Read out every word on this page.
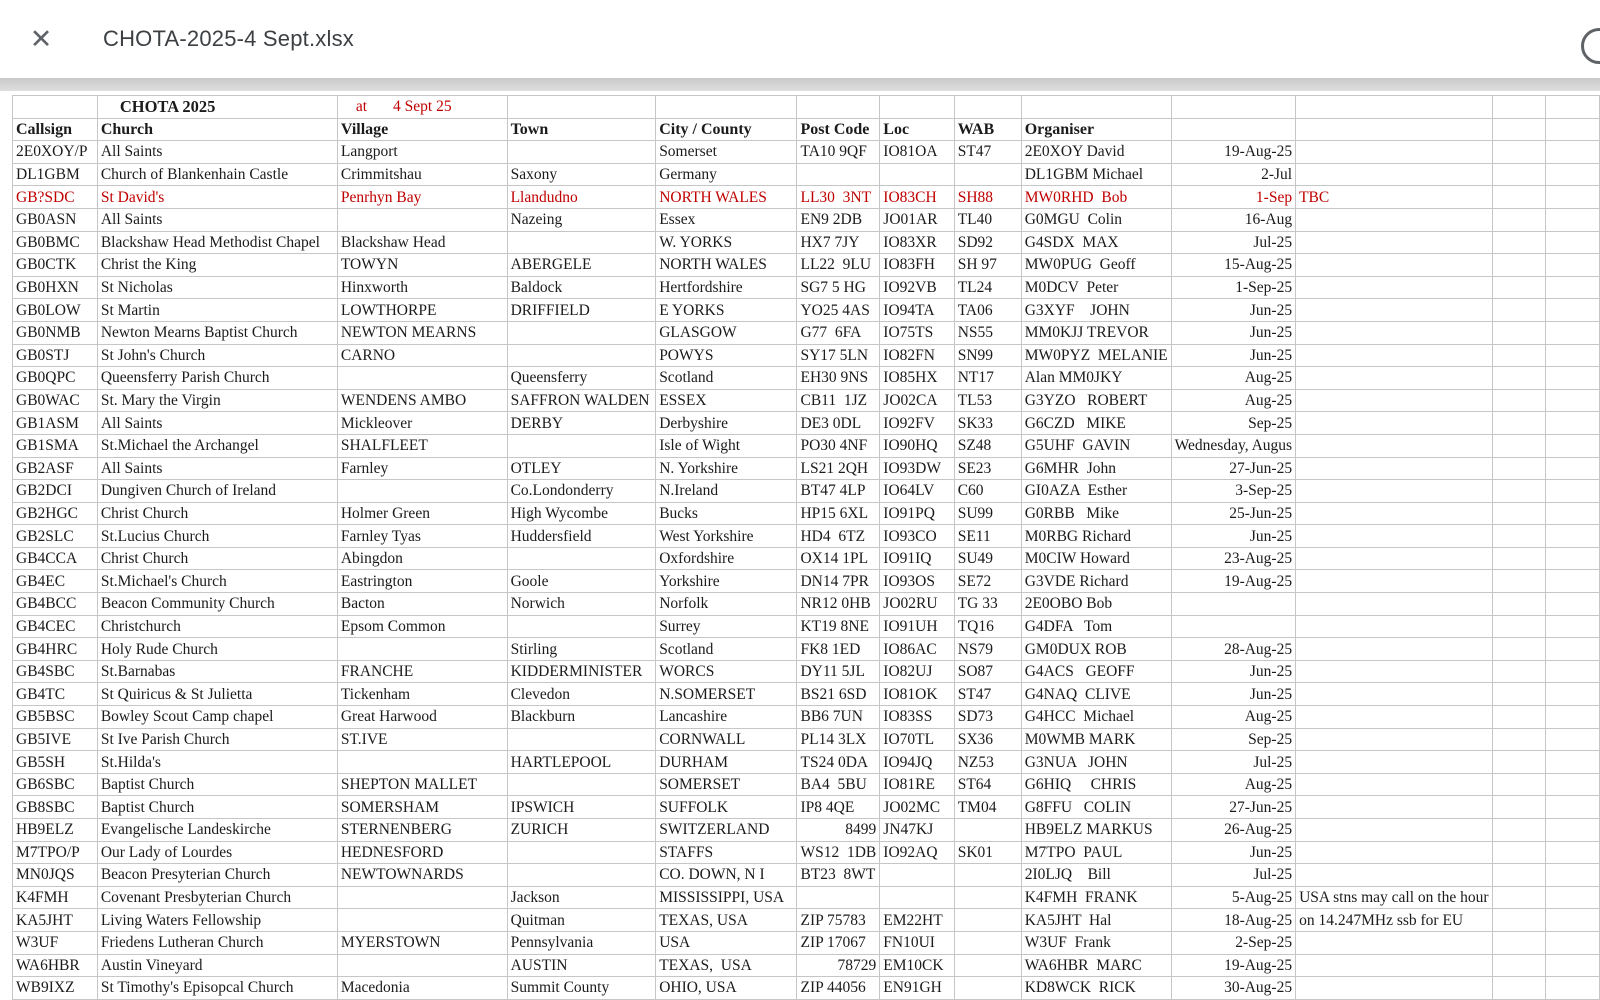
✕ CHOTA-2025-4 Sept.xlsx
	CHOTA 2025	at 4 Sept 25										
Callsign	Church	Village	Town	City / County	Post Code	Loc	WAB	Organiser				
2E0XOY/P	All Saints	Langport		Somerset	TA10 9QF	IO81OA	ST47	2E0XOY David	19-Aug-25			
DL1GBM	Church of Blankenhain Castle	Crimmitshau	Saxony	Germany				DL1GBM Michael	2-Jul			
GB?SDC	St David's	Penrhyn Bay	Llandudno	NORTH WALES	LL30  3NT	IO83CH	SH88	MW0RHD  Bob	1-Sep	TBC		
GB0ASN	All Saints		Nazeing	Essex	EN9 2DB	JO01AR	TL40	G0MGU  Colin	16-Aug			
GB0BMC	Blackshaw Head Methodist Chapel	Blackshaw Head		W. YORKS	HX7 7JY	IO83XR	SD92	G4SDX  MAX	Jul-25			
GB0CTK	Christ the King	TOWYN	ABERGELE	NORTH WALES	LL22  9LU	IO83FH	SH 97	MW0PUG  Geoff	15-Aug-25			
GB0HXN	St Nicholas	Hinxworth	Baldock	Hertfordshire	SG7 5 HG	IO92VB	TL24	M0DCV  Peter	1-Sep-25			
GB0LOW	St Martin	LOWTHORPE	DRIFFIELD	E YORKS	YO25 4AS	IO94TA	TA06	G3XYF    JOHN	Jun-25			
GB0NMB	Newton Mearns Baptist Church	NEWTON MEARNS		GLASGOW	G77  6FA	IO75TS	NS55	MM0KJJ TREVOR	Jun-25			
GB0STJ	St John's Church	CARNO		POWYS	SY17 5LN	IO82FN	SN99	MW0PYZ  MELANIE	Jun-25			
GB0QPC	Queensferry Parish Church		Queensferry	Scotland	EH30 9NS	IO85HX	NT17	Alan MM0JKY	Aug-25			
GB0WAC	St. Mary the Virgin	WENDENS AMBO	SAFFRON WALDEN	ESSEX	CB11  1JZ	JO02CA	TL53	G3YZO   ROBERT	Aug-25			
GB1ASM	All Saints	Mickleover	DERBY	Derbyshire	DE3 0DL	IO92FV	SK33	G6CZD   MIKE	Sep-25			
GB1SMA	St.Michael the Archangel	SHALFLEET		Isle of Wight	PO30 4NF	IO90HQ	SZ48	G5UHF  GAVIN	Wednesday, Augus			
GB2ASF	All Saints	Farnley	OTLEY	N. Yorkshire	LS21 2QH	IO93DW	SE23	G6MHR  John	27-Jun-25			
GB2DCI	Dungiven Church of Ireland		Co.Londonderry	N.Ireland	BT47 4LP	IO64LV	C60	GI0AZA  Esther	3-Sep-25			
GB2HGC	Christ Church	Holmer Green	High Wycombe	Bucks	HP15 6XL	IO91PQ	SU99	G0RBB   Mike	25-Jun-25			
GB2SLC	St.Lucius Church	Farnley Tyas	Huddersfield	West Yorkshire	HD4  6TZ	IO93CO	SE11	M0RBG Richard	Jun-25			
GB4CCA	Christ Church	Abingdon		Oxfordshire	OX14 1PL	IO91IQ	SU49	M0CIW Howard	23-Aug-25			
GB4EC	St.Michael's Church	Eastrington	Goole	Yorkshire	DN14 7PR	IO93OS	SE72	G3VDE Richard	19-Aug-25			
GB4BCC	Beacon Community Church	Bacton	Norwich	Norfolk	NR12 0HB	JO02RU	TG 33	2E0OBO Bob				
GB4CEC	Christchurch	Epsom Common		Surrey	KT19 8NE	IO91UH	TQ16	G4DFA   Tom				
GB4HRC	Holy Rude Church		Stirling	Scotland	FK8 1ED	IO86AC	NS79	GM0DUX ROB	28-Aug-25			
GB4SBC	St.Barnabas	FRANCHE	KIDDERMINISTER	WORCS	DY11 5JL	IO82UJ	SO87	G4ACS   GEOFF	Jun-25			
GB4TC	St Quiricus & St Julietta	Tickenham	Clevedon	N.SOMERSET	BS21 6SD	IO81OK	ST47	G4NAQ  CLIVE	Jun-25			
GB5BSC	Bowley Scout Camp chapel	Great Harwood	Blackburn	Lancashire	BB6 7UN	IO83SS	SD73	G4HCC  Michael	Aug-25			
GB5IVE	St Ive Parish Church	ST.IVE		CORNWALL	PL14 3LX	IO70TL	SX36	M0WMB MARK	Sep-25			
GB5SH	St.Hilda's		HARTLEPOOL	DURHAM	TS24 0DA	IO94JQ	NZ53	G3NUA   JOHN	Jul-25			
GB6SBC	Baptist Church	SHEPTON MALLET		SOMERSET	BA4  5BU	IO81RE	ST64	G6HIQ     CHRIS	Aug-25			
GB8SBC	Baptist Church	SOMERSHAM	IPSWICH	SUFFOLK	IP8 4QE	JO02MC	TM04	G8FFU   COLIN	27-Jun-25			
HB9ELZ	Evangelische Landeskirche	STERNENBERG	ZURICH	SWITZERLAND	8499	JN47KJ		HB9ELZ MARKUS	26-Aug-25			
M7TPO/P	Our Lady of Lourdes	HEDNESFORD		STAFFS	WS12  1DB	IO92AQ	SK01	M7TPO  PAUL	Jun-25			
MN0JQS	Beacon Presyterian Church	NEWTOWNARDS		CO. DOWN, N I	BT23  8WT			2I0LJQ    Bill	Jul-25			
K4FMH	Covenant Presbyterian Church		Jackson	MISSISSIPPI, USA				K4FMH  FRANK	5-Aug-25	USA stns may call on the hour		
KA5JHT	Living Waters Fellowship		Quitman	TEXAS, USA	ZIP 75783	EM22HT		KA5JHT  Hal	18-Aug-25	on 14.247MHz ssb for EU		
W3UF	Friedens Lutheran Church	MYERSTOWN	Pennsylvania	USA	ZIP 17067	FN10UI		W3UF  Frank	2-Sep-25			
WA6HBR	Austin Vineyard		AUSTIN	TEXAS,  USA	78729	EM10CK		WA6HBR  MARC	19-Aug-25			
WB9IXZ	St Timothy's Episopcal Church	Macedonia	Summit County	OHIO, USA	ZIP 44056	EN91GH		KD8WCK  RICK	30-Aug-25			
